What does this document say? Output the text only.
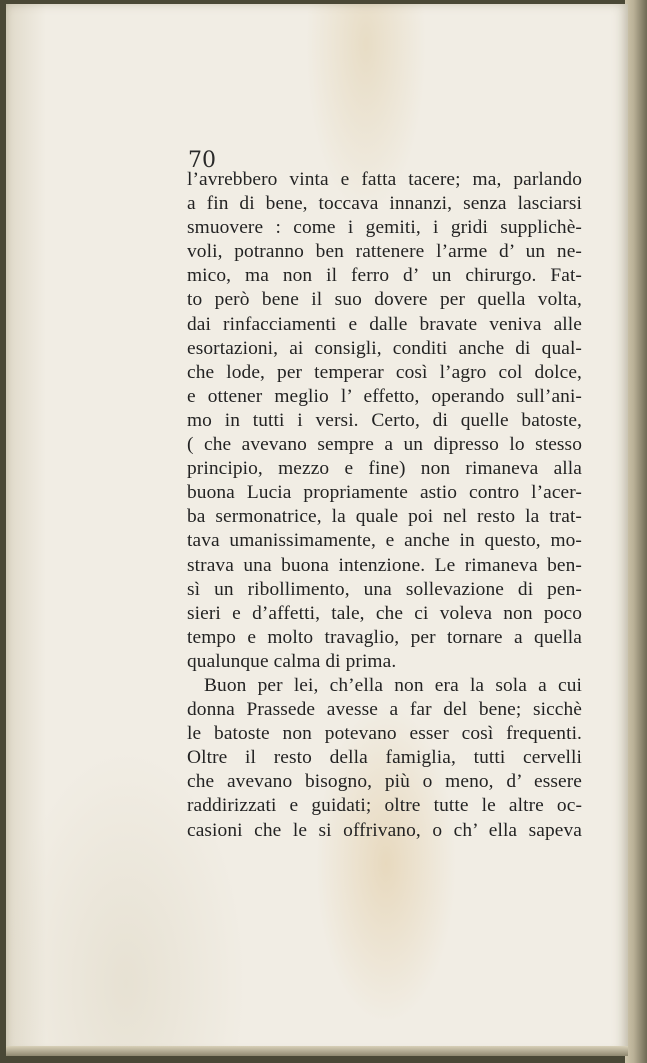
70

l’avrebbero vinta e fatta tacere; ma, parlando
a fin di bene, toccava innanzi, senza lasciarsi
smuovere : come i gemiti, i gridi supplichè-
voli, potranno ben rattenere l’arme d’ un ne-
mico, ma non il ferro d’ un chirurgo. Fat-
to però bene il suo dovere per quella volta,
dai rinfacciamenti e dalle bravate veniva alle
esortazioni, ai consigli, conditi anche di qual-
che lode, per temperar così l’agro col dolce,
e ottener meglio l’ effetto, operando sull’ani-
mo in tutti i versi. Certo, di quelle batoste,
( che avevano sempre a un dipresso lo stesso
principio, mezzo e fine) non rimaneva alla
buona Lucia propriamente astio contro l’acer-
ba sermonatrice, la quale poi nel resto la trat-
tava umanissimamente, e anche in questo, mo-
strava una buona intenzione. Le rimaneva ben-
sì un ribollimento, una sollevazione di pen-
sieri e d’affetti, tale, che ci voleva non poco
tempo e molto travaglio, per tornare a quella
qualunque calma di prima.
Buon per lei, ch’ella non era la sola a cui
donna Prassede avesse a far del bene; sicchè
le batoste non potevano esser così frequenti.
Oltre il resto della famiglia, tutti cervelli
che avevano bisogno, più o meno, d’ essere
raddirizzati e guidati; oltre tutte le altre oc-
casioni che le si offrivano, o ch’ ella sapeva
